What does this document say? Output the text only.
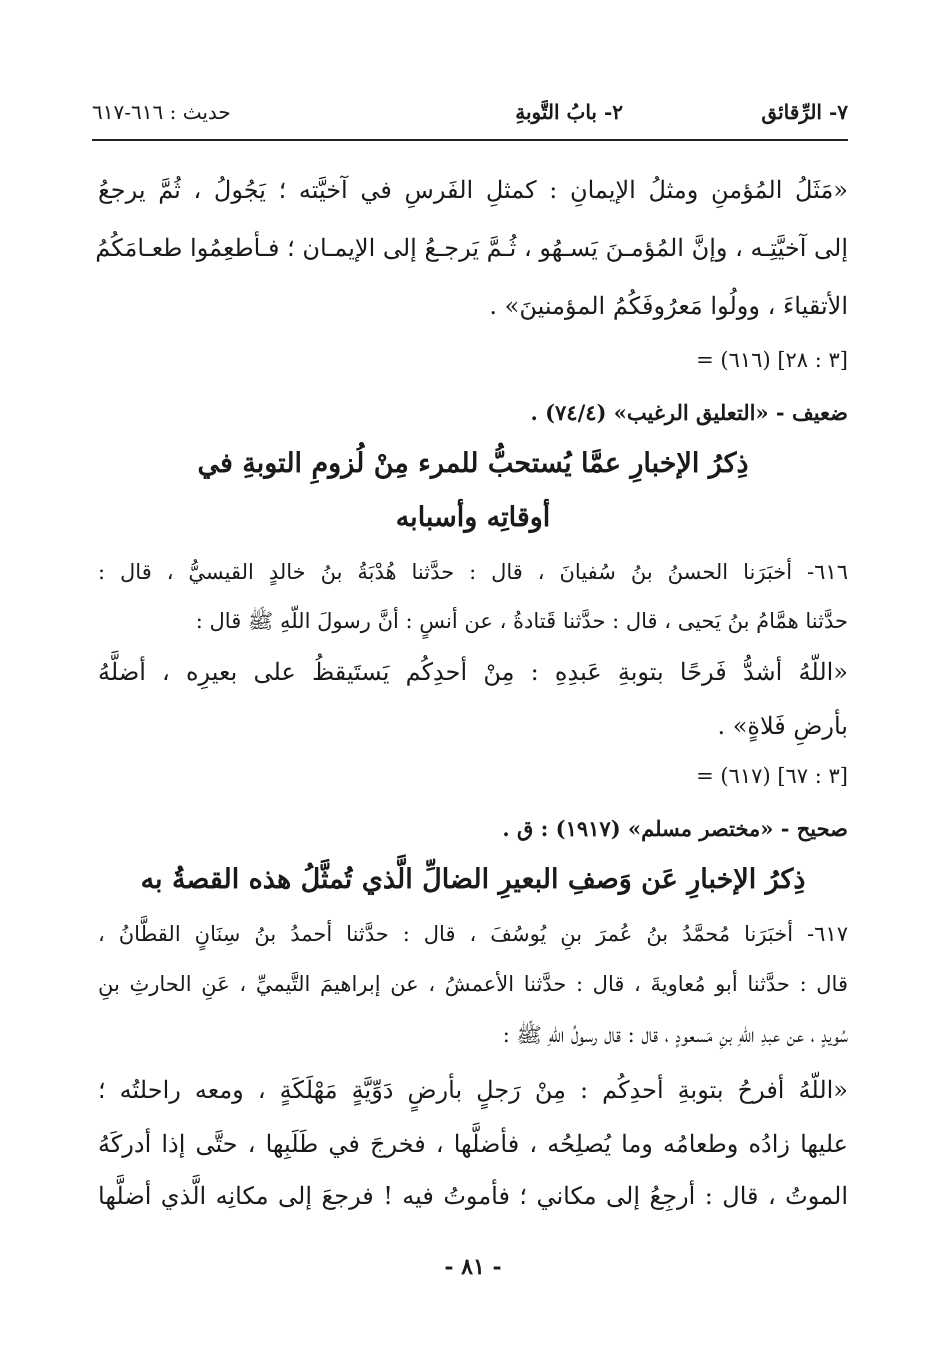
٧- الرِّقائق
٢- بابُ التَّوبةِ
حديث : ٦١٦-٦١٧
«مَثَلُ المُؤمنِ ومثلُ الإيمانِ : كمثلِ الفَرسِ في آخيَّته ؛ يَجُولُ ، ثُمَّ يرجعُ
إلى آخيَّتِـه ، وإنَّ المُؤمـنَ يَسـهُو ، ثُـمَّ يَرجـعُ إلى الإيمـان ؛ فـأطعِمُوا طعـامَكُمُ
الأتقياءَ ، وولُوا مَعرُوفَكُمُ المؤمنينَ» .
= (٦١٦) [٣ : ٢٨]
ضعيف - «التعليق الرغيب» (٧٤/٤) .
ذِكرُ الإخبارِ عمَّا يُستحبُّ للمرء مِنْ لُزومِ التوبةِ في
أوقاتِه وأسبابه
٦١٦- أخبَرَنا الحسنُ بنُ سُفيانَ ، قال : حدَّثنا هُدْبَةُ بنُ خالدٍ القيسيُّ ، قال :
حدَّثنا همَّامُ بنُ يَحيى ، قال : حدَّثنا قَتادةُ ، عن أنسٍ : أنَّ رسولَ اللّهِ ﷺ قال :
«اللّهُ أشدُّ فَرحًا بتوبةِ عَبدِهِ : مِنْ أحدِكُم يَستَيقظُ على بعيرِه ، أضلَّهُ
بأرضِ فَلاةٍ» .
= (٦١٧) [٣ : ٦٧]
صحيح - «مختصر مسلم» (١٩١٧) : ق .
ذِكرُ الإخبارِ عَن وَصفِ البعيرِ الضالِّ الَّذي تُمثَّلُ هذه القصةُ به
٦١٧- أخبَرَنا مُحمَّدُ بنُ عُمرَ بنِ يُوسُفَ ، قال : حدَّثنا أحمدُ بنُ سِنَانٍ القطَّانُ ،
قال : حدَّثنا أبو مُعاويةَ ، قال : حدَّثنا الأعمشُ ، عن إبراهيمَ التَّيميِّ ، عَنِ الحارثِ بنِ
سُويدٍ ، عن عبدِ اللّهِ بنِ مَسعودٍ ، قال : قال رسولُ اللّهِ ﷺ :
«اللّهُ أفرحُ بتوبةِ أحدِكُم : مِنْ رَجلٍ بأرضٍ دَوِّيَّةٍ مَهْلَكَةٍ ، ومعه راحلتُه ؛
عليها زادُه وطعامُه وما يُصلِحُه ، فأضلَّها ، فخرجَ في طَلَبِها ، حتَّى إذا أدركَهُ
الموتُ ، قال : أرجِعُ إلى مكاني ؛ فأموتُ فيه ! فرجعَ إلى مكانِه الَّذي أضلَّها
- ٨١ -
